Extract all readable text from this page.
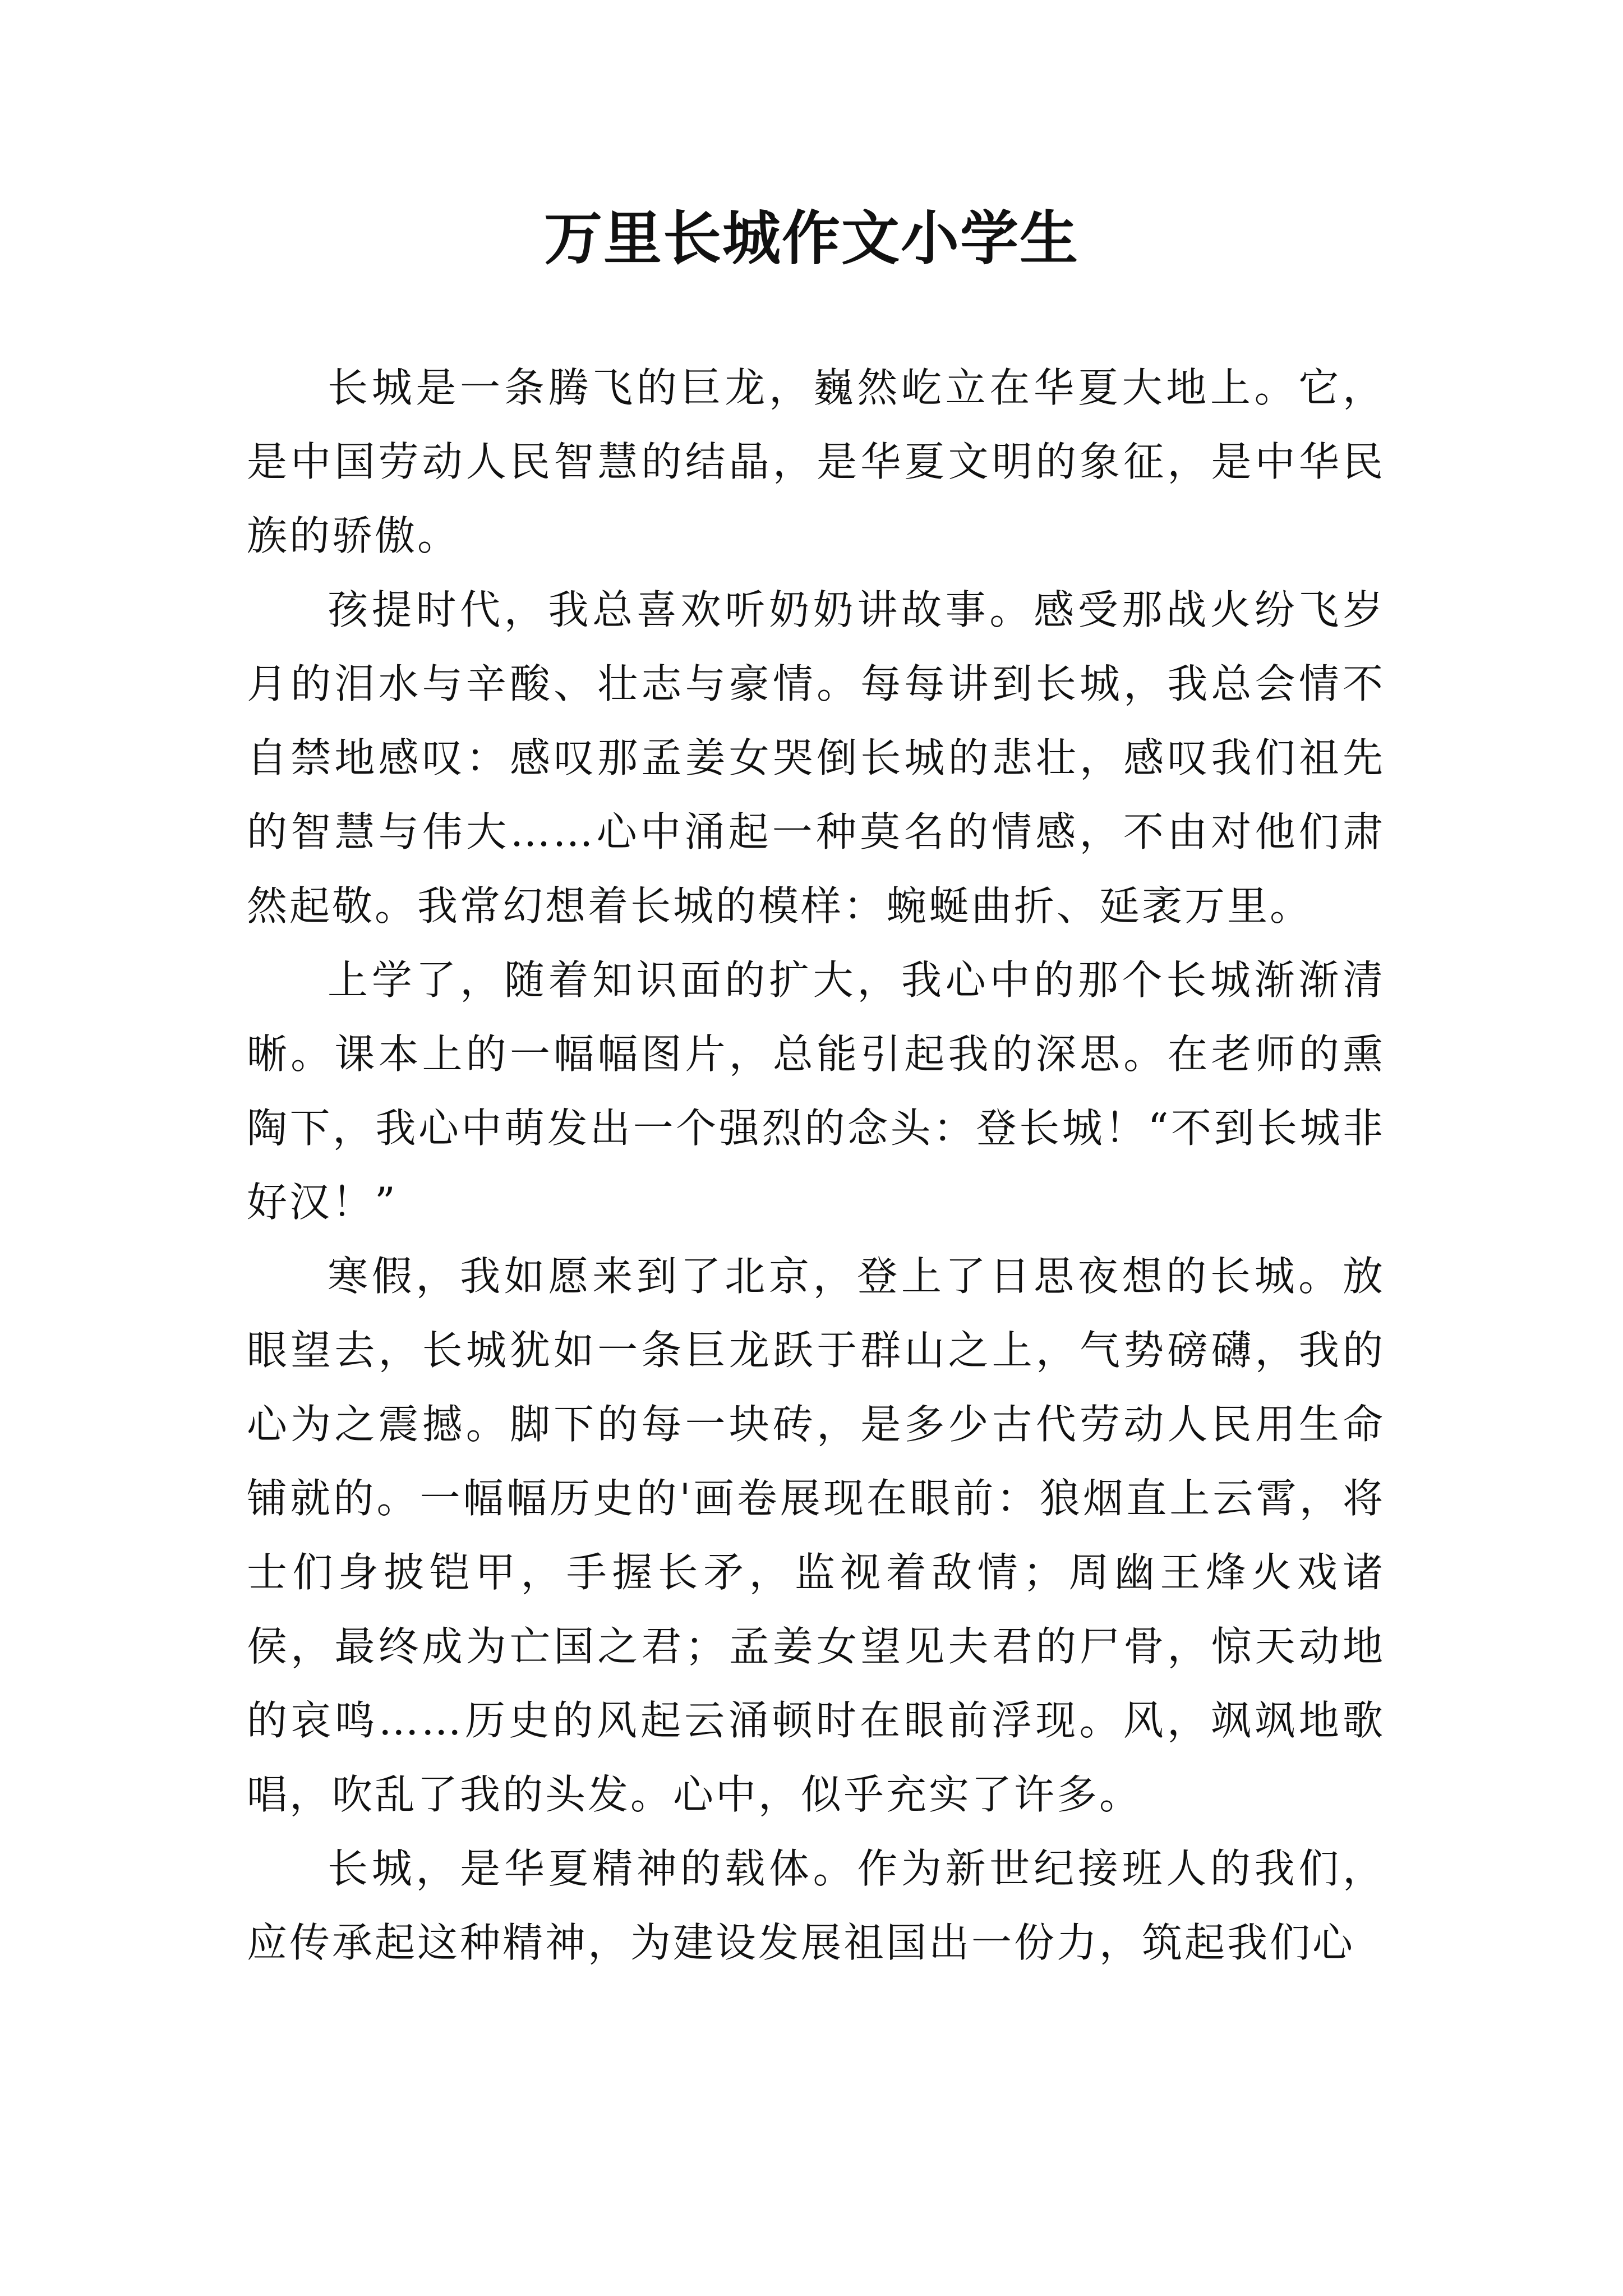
万里长城作文小学生

长城是一条腾飞的巨龙，巍然屹立在华夏大地上。它，是中国劳动人民智慧的结晶，是华夏文明的象征，是中华民族的骄傲。

孩提时代，我总喜欢听奶奶讲故事。感受那战火纷飞岁月的泪水与辛酸、壮志与豪情。每每讲到长城，我总会情不自禁地感叹：感叹那孟姜女哭倒长城的悲壮，感叹我们祖先的智慧与伟大……心中涌起一种莫名的情感，不由对他们肃然起敬。我常幻想着长城的模样：蜿蜒曲折、延袤万里。

上学了，随着知识面的扩大，我心中的那个长城渐渐清晰。课本上的一幅幅图片，总能引起我的深思。在老师的熏陶下，我心中萌发出一个强烈的念头：登长城！“不到长城非好汉！”

寒假，我如愿来到了北京，登上了日思夜想的长城。放眼望去，长城犹如一条巨龙跃于群山之上，气势磅礴，我的心为之震撼。脚下的每一块砖，是多少古代劳动人民用生命铺就的。一幅幅历史的'画卷展现在眼前：狼烟直上云霄，将士们身披铠甲，手握长矛，监视着敌情；周幽王烽火戏诸侯，最终成为亡国之君；孟姜女望见夫君的尸骨，惊天动地的哀鸣……历史的风起云涌顿时在眼前浮现。风，飒飒地歌唱，吹乱了我的头发。心中，似乎充实了许多。

长城，是华夏精神的载体。作为新世纪接班人的我们，应传承起这种精神，为建设发展祖国出一份力，筑起我们心
